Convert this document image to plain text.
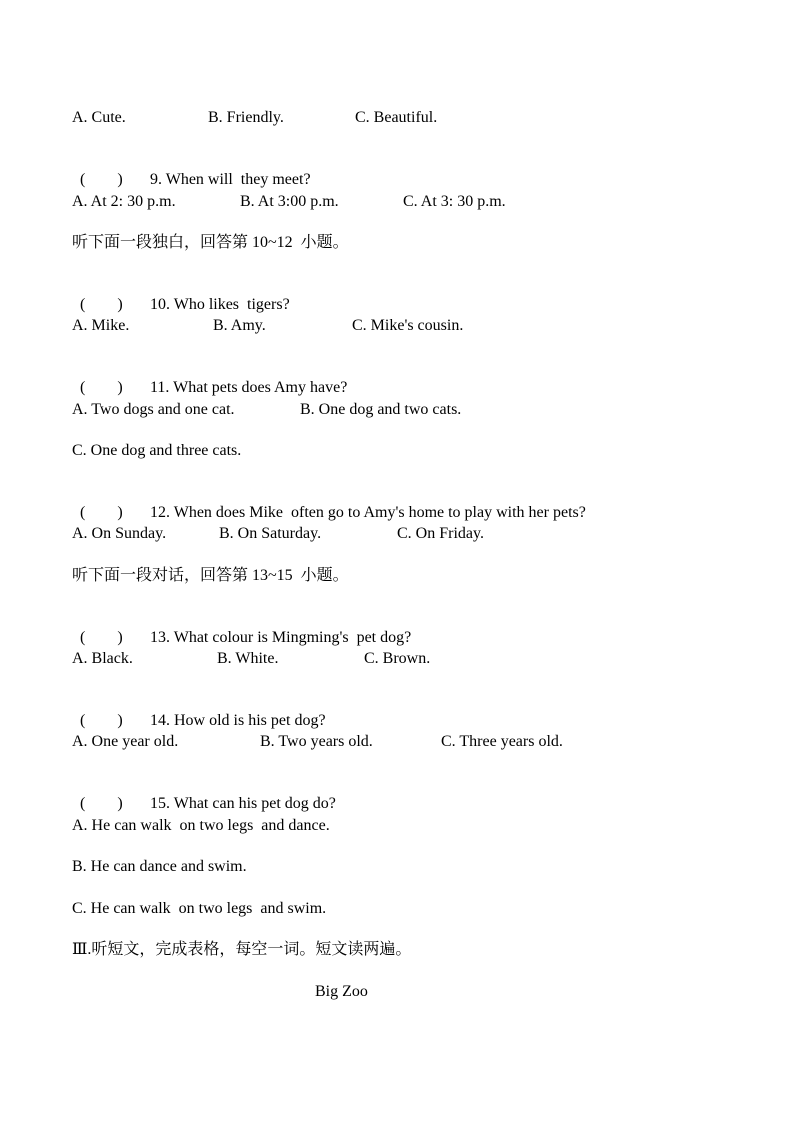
A. Cute.	B. Friendly.	C. Beautiful.

(        ) 9. When will  they meet?

A. At 2: 30 p.m.	B. At 3:00 p.m.	C. At 3: 30 p.m.
听下面一段独白，回答第 10~12  小题。

(        ) 10. Who likes  tigers?

A. Mike.	B. Amy.	C. Mike's cousin.

(        ) 11. What pets does Amy have?

A. Two dogs and one cat.	B. One dog and two cats.
C. One dog and three cats.

(        ) 12. When does Mike  often go to Amy's home to play with her pets?

A. On Sunday.	B. On Saturday.	C. On Friday.
听下面一段对话，回答第 13~15  小题。

(        ) 13. What colour is Mingming's  pet dog?

A. Black.	B. White.	C. Brown.

(        ) 14. How old is his pet dog?

A. One year old.	B. Two years old.	C. Three years old.

(        ) 15. What can his pet dog do?

A. He can walk  on two legs  and dance.
B. He can dance and swim.
C. He can walk  on two legs  and swim.
Ⅲ.听短文，完成表格，每空一词。短文读两遍。
Big Zoo
